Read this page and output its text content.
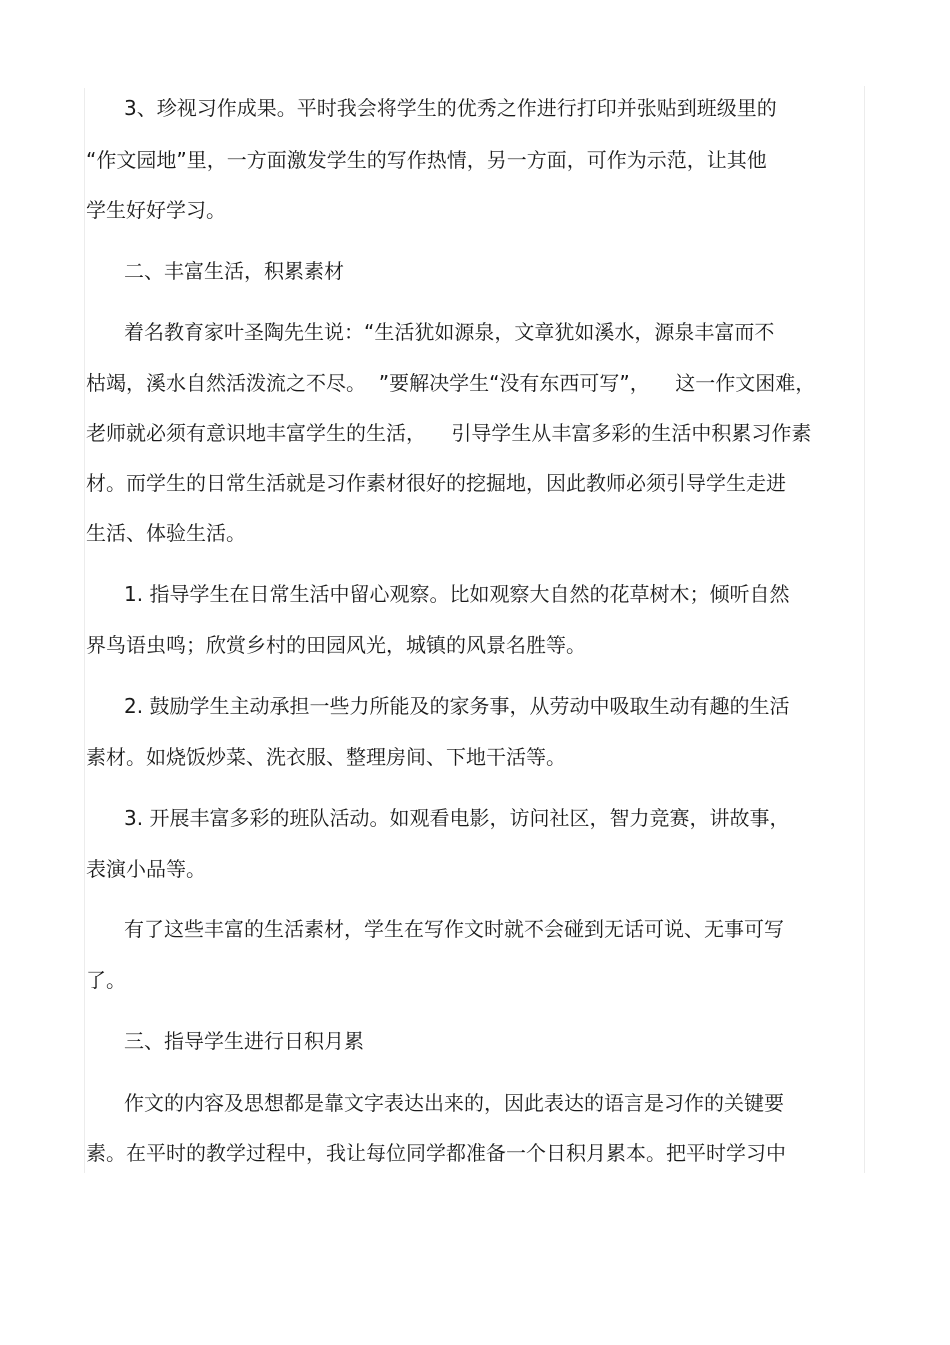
3、珍视习作成果。平时我会将学生的优秀之作进行打印并张贴到班级里的
“作文园地”里，一方面激发学生的写作热情，另一方面，可作为示范，让其他
学生好好学习。
二、丰富生活，积累素材
着名教育家叶圣陶先生说：“生活犹如源泉，文章犹如溪水，源泉丰富而不
枯竭，溪水自然活泼流之不尽。  ”要解决学生“没有东西可写”，    这一作文困难，
老师就必须有意识地丰富学生的生活，    引导学生从丰富多彩的生活中积累习作素
材。而学生的日常生活就是习作素材很好的挖掘地，因此教师必须引导学生走进
生活、体验生活。
1. 指导学生在日常生活中留心观察。比如观察大自然的花草树木；倾听自然
界鸟语虫鸣；欣赏乡村的田园风光，城镇的风景名胜等。
2. 鼓励学生主动承担一些力所能及的家务事，从劳动中吸取生动有趣的生活
素材。如烧饭炒菜、洗衣服、整理房间、下地干活等。
3. 开展丰富多彩的班队活动。如观看电影，访问社区，智力竞赛，讲故事，
表演小品等。
有了这些丰富的生活素材，学生在写作文时就不会碰到无话可说、无事可写
了。
三、指导学生进行日积月累
作文的内容及思想都是靠文字表达出来的，因此表达的语言是习作的关键要
素。在平时的教学过程中，我让每位同学都准备一个日积月累本。把平时学习中
